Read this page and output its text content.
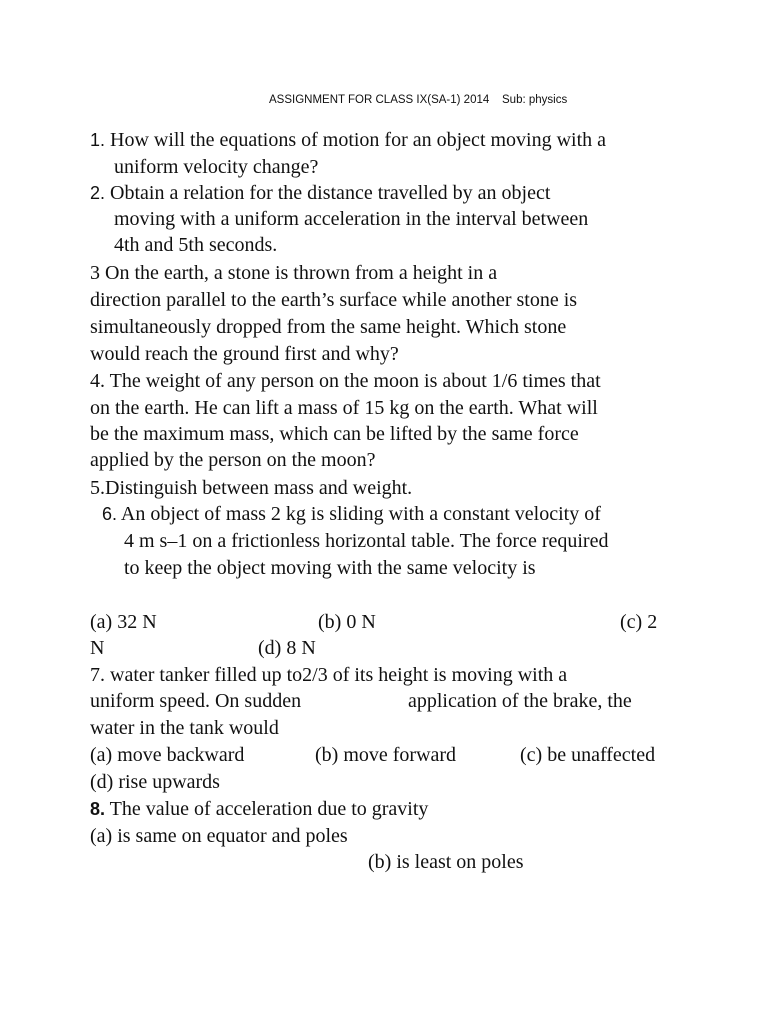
ASSIGNMENT FOR CLASS IX(SA-1) 2014 Sub: physics
1. How will the equations of motion for an object moving with a
uniform velocity change?
2. Obtain a relation for the distance travelled by an object
moving with a uniform acceleration in the interval between
4th and 5th seconds.
3 On the earth, a stone is thrown from a height in a
direction parallel to the earth’s surface while another stone is
simultaneously dropped from the same height. Which stone
would reach the ground first and why?
4. The weight of any person on the moon is about 1/6 times that
on the earth. He can lift a mass of 15 kg on the earth. What will
be the maximum mass, which can be lifted by the same force
applied by the person on the moon?
5.Distinguish between mass and weight.
6. An object of mass 2 kg is sliding with a constant velocity of
4 m s–1 on a frictionless horizontal table. The force required
to keep the object moving with the same velocity is
(a) 32 N	(b) 0 N	(c) 2
N	(d) 8 N
7. water tanker filled up to2/3 of its height is moving with a
uniform speed. On sudden	application of the brake, the
water in the tank would
(a) move backward	(b) move forward	(c) be unaffected
(d) rise upwards
8. The value of acceleration due to gravity
(a) is same on equator and poles
(b) is least on poles
